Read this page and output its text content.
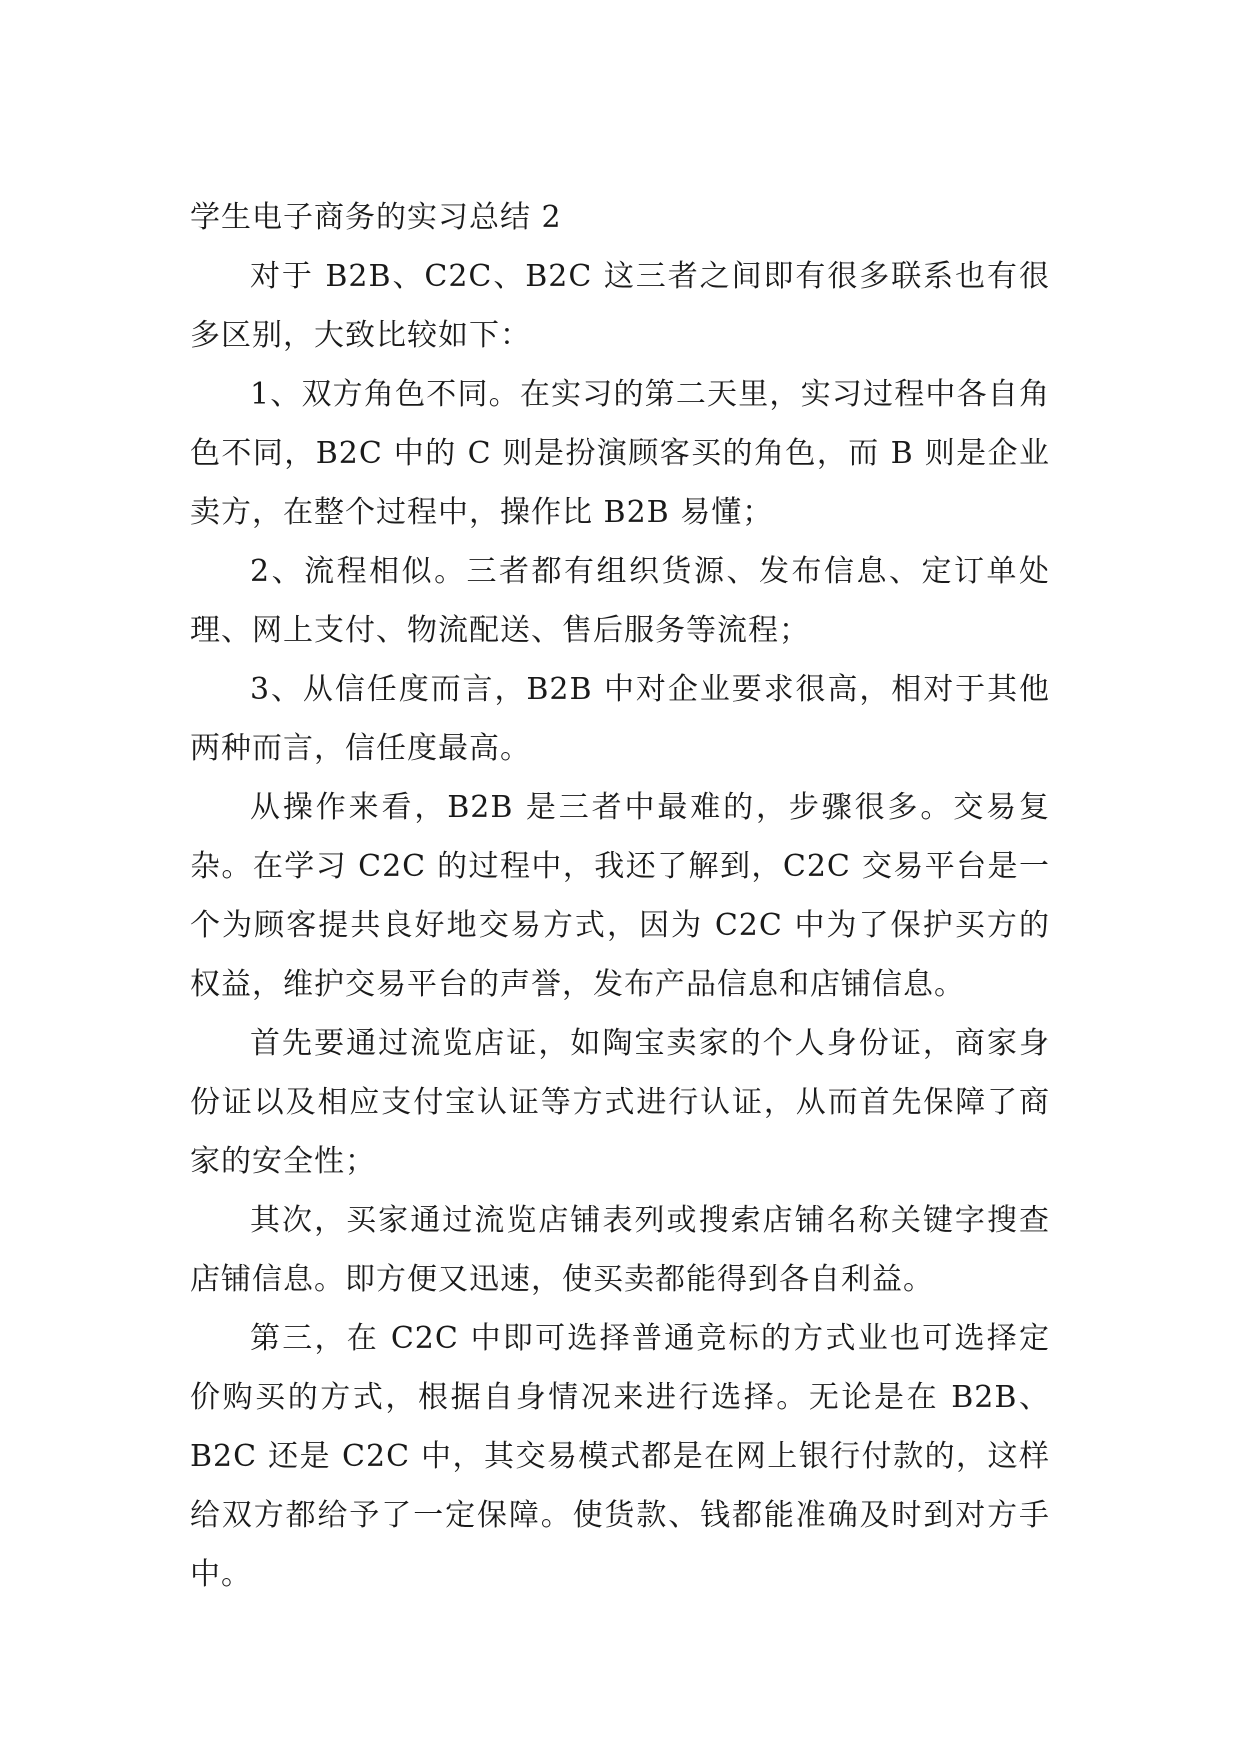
学生电子商务的实习总结 2

对于 B2B、C2C、B2C 这三者之间即有很多联系也有很多区别，大致比较如下：

1、双方角色不同。在实习的第二天里，实习过程中各自角色不同，B2C 中的 C 则是扮演顾客买的角色，而 B 则是企业卖方，在整个过程中，操作比 B2B 易懂；

2、流程相似。三者都有组织货源、发布信息、定订单处理、网上支付、物流配送、售后服务等流程；

3、从信任度而言，B2B 中对企业要求很高，相对于其他两种而言，信任度最高。

从操作来看，B2B 是三者中最难的，步骤很多。交易复杂。在学习 C2C 的过程中，我还了解到，C2C 交易平台是一个为顾客提共良好地交易方式，因为 C2C 中为了保护买方的权益，维护交易平台的声誉，发布产品信息和店铺信息。

首先要通过流览店证，如陶宝卖家的个人身份证，商家身份证以及相应支付宝认证等方式进行认证，从而首先保障了商家的安全性；

其次，买家通过流览店铺表列或搜索店铺名称关键字搜查店铺信息。即方便又迅速，使买卖都能得到各自利益。

第三，在 C2C 中即可选择普通竞标的方式业也可选择定价购买的方式，根据自身情况来进行选择。无论是在 B2B、B2C 还是 C2C 中，其交易模式都是在网上银行付款的，这样给双方都给予了一定保障。使货款、钱都能准确及时到对方手中。
